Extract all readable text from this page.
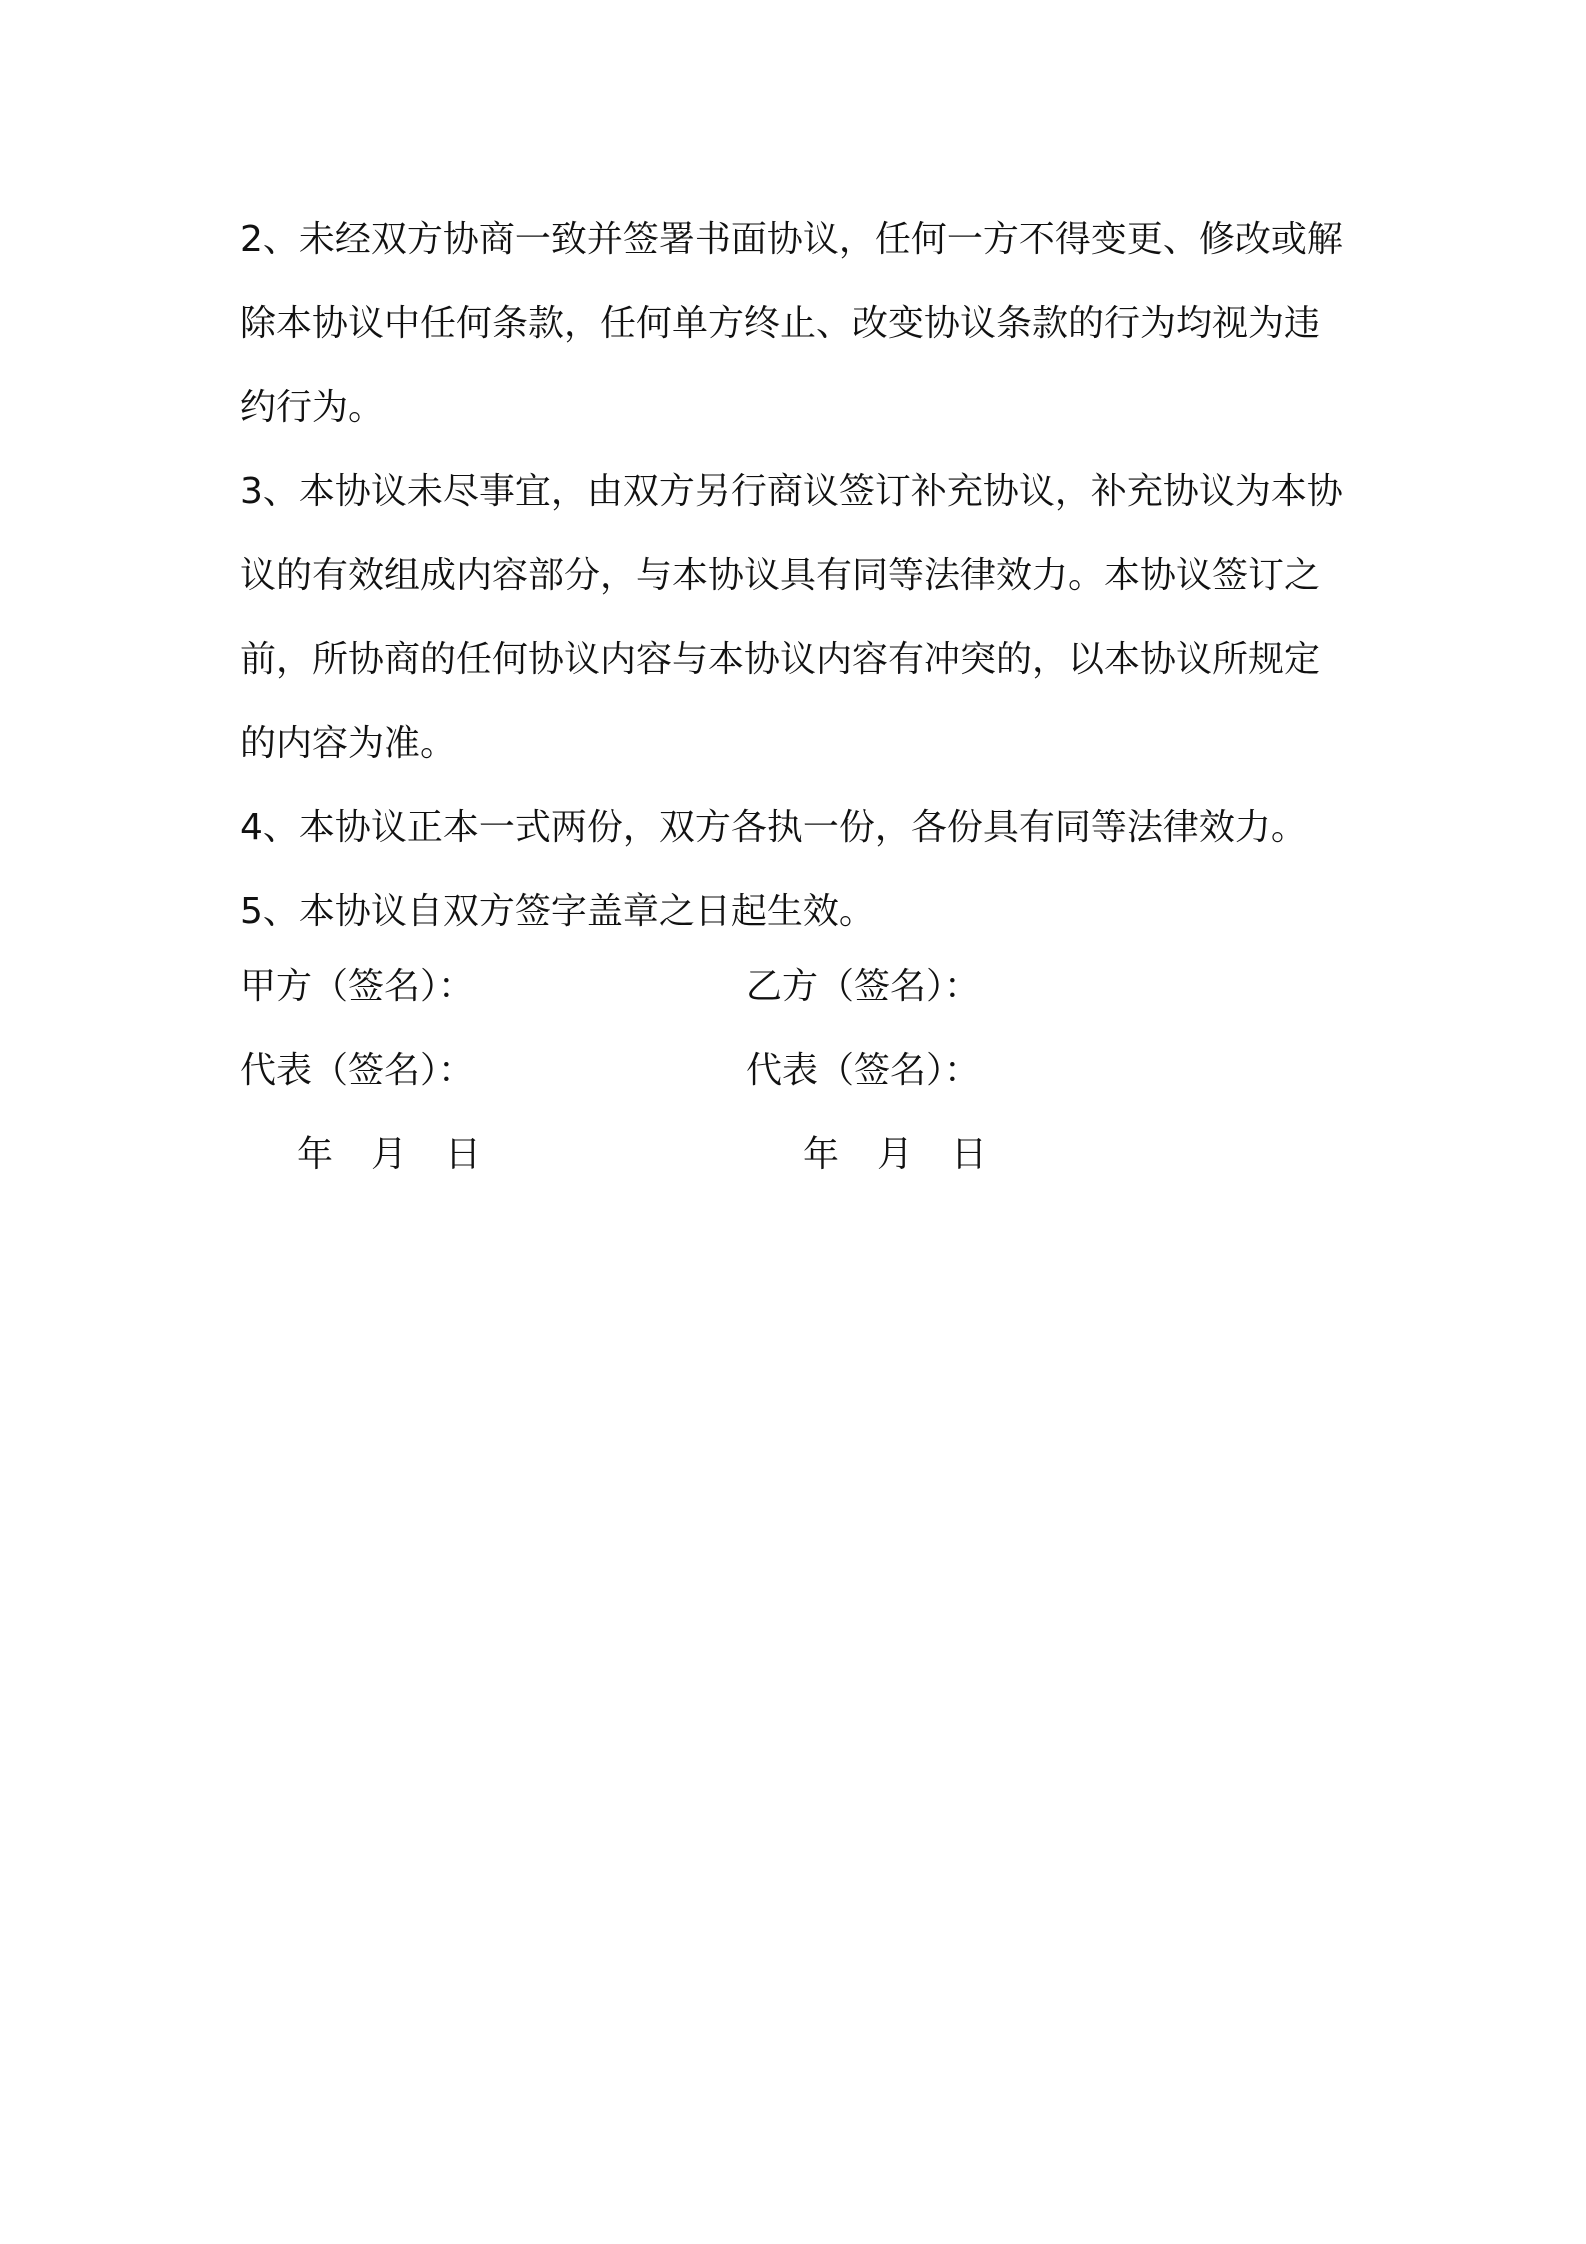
2、未经双方协商一致并签署书面协议，任何一方不得变更、修改或解除本协议中任何条款，任何单方终止、改变协议条款的行为均视为违约行为。

3、本协议未尽事宜，由双方另行商议签订补充协议，补充协议为本协议的有效组成内容部分，与本协议具有同等法律效力。本协议签订之前，所协商的任何协议内容与本协议内容有冲突的，以本协议所规定的内容为准。

4、本协议正本一式两份，双方各执一份，各份具有同等法律效力。

5、本协议自双方签字盖章之日起生效。

甲方（签名）：	乙方（签名）：
代表（签名）：	代表（签名）：
年 月 日	年 月 日
